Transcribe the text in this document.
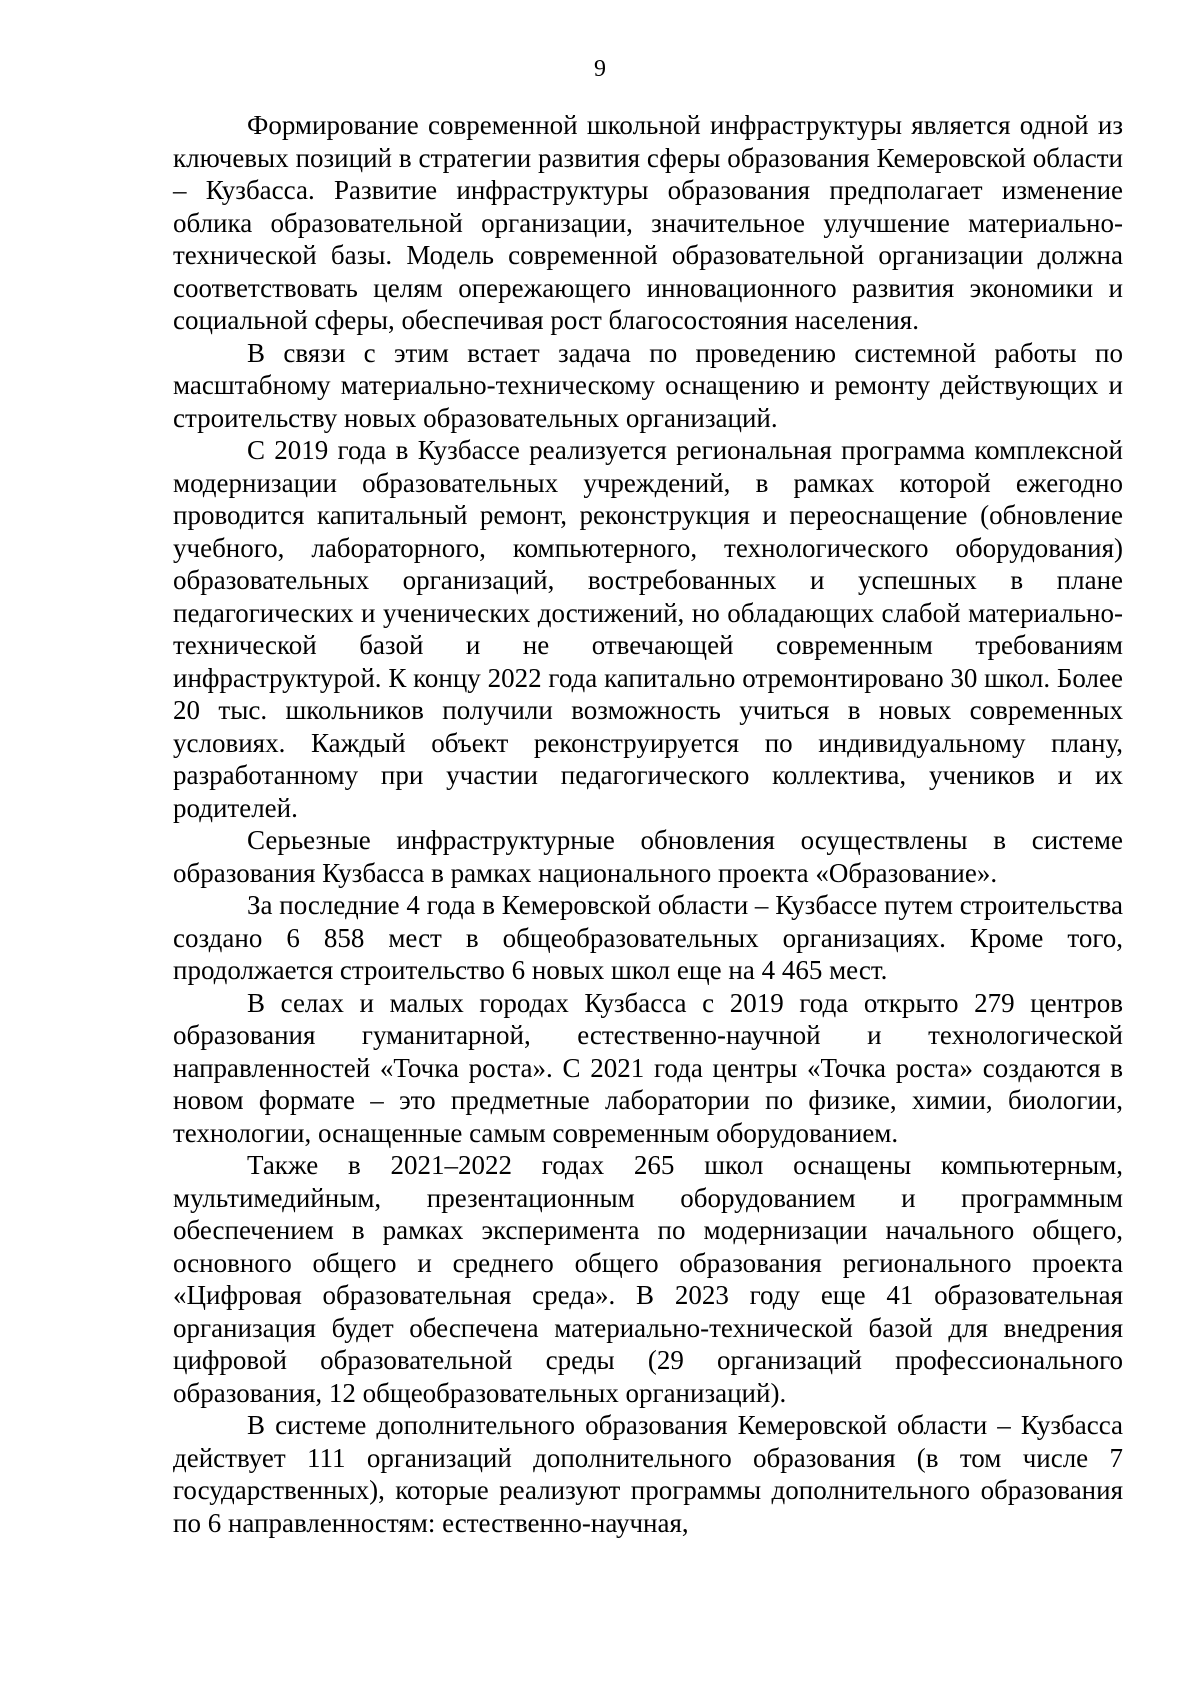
9

Формирование современной школьной инфраструктуры является одной из ключевых позиций в стратегии развития сферы образования Кемеровской области – Кузбасса. Развитие инфраструктуры образования предполагает изменение облика образовательной организации, значительное улучшение материально-технической базы. Модель современной образовательной организации должна соответствовать целям опережающего инновационного развития экономики и социальной сферы, обеспечивая рост благосостояния населения.

В связи с этим встает задача по проведению системной работы по масштабному материально-техническому оснащению и ремонту действующих и строительству новых образовательных организаций.

С 2019 года в Кузбассе реализуется региональная программа комплексной модернизации образовательных учреждений, в рамках которой ежегодно проводится капитальный ремонт, реконструкция и переоснащение (обновление учебного, лабораторного, компьютерного, технологического оборудования) образовательных организаций, востребованных и успешных в плане педагогических и ученических достижений, но обладающих слабой материально-технической базой и не отвечающей современным требованиям инфраструктурой. К концу 2022 года капитально отремонтировано 30 школ. Более 20 тыс. школьников получили возможность учиться в новых современных условиях. Каждый объект реконструируется по индивидуальному плану, разработанному при участии педагогического коллектива, учеников и их родителей.

Серьезные инфраструктурные обновления осуществлены в системе образования Кузбасса в рамках национального проекта «Образование».

За последние 4 года в Кемеровской области – Кузбассе путем строительства создано 6 858 мест в общеобразовательных организациях. Кроме того, продолжается строительство 6 новых школ еще на 4 465 мест.

В селах и малых городах Кузбасса с 2019 года открыто 279 центров образования гуманитарной, естественно-научной и технологической направленностей «Точка роста». С 2021 года центры «Точка роста» создаются в новом формате – это предметные лаборатории по физике, химии, биологии, технологии, оснащенные самым современным оборудованием.

Также в 2021–2022 годах 265 школ оснащены компьютерным, мультимедийным, презентационным оборудованием и программным обеспечением в рамках эксперимента по модернизации начального общего, основного общего и среднего общего образования регионального проекта «Цифровая образовательная среда». В 2023 году еще 41 образовательная организация будет обеспечена материально-технической базой для внедрения цифровой образовательной среды (29 организаций профессионального образования, 12 общеобразовательных организаций).

В системе дополнительного образования Кемеровской области – Кузбасса действует 111 организаций дополнительного образования (в том числе 7 государственных), которые реализуют программы дополнительного образования по 6 направленностям: естественно-научная,
